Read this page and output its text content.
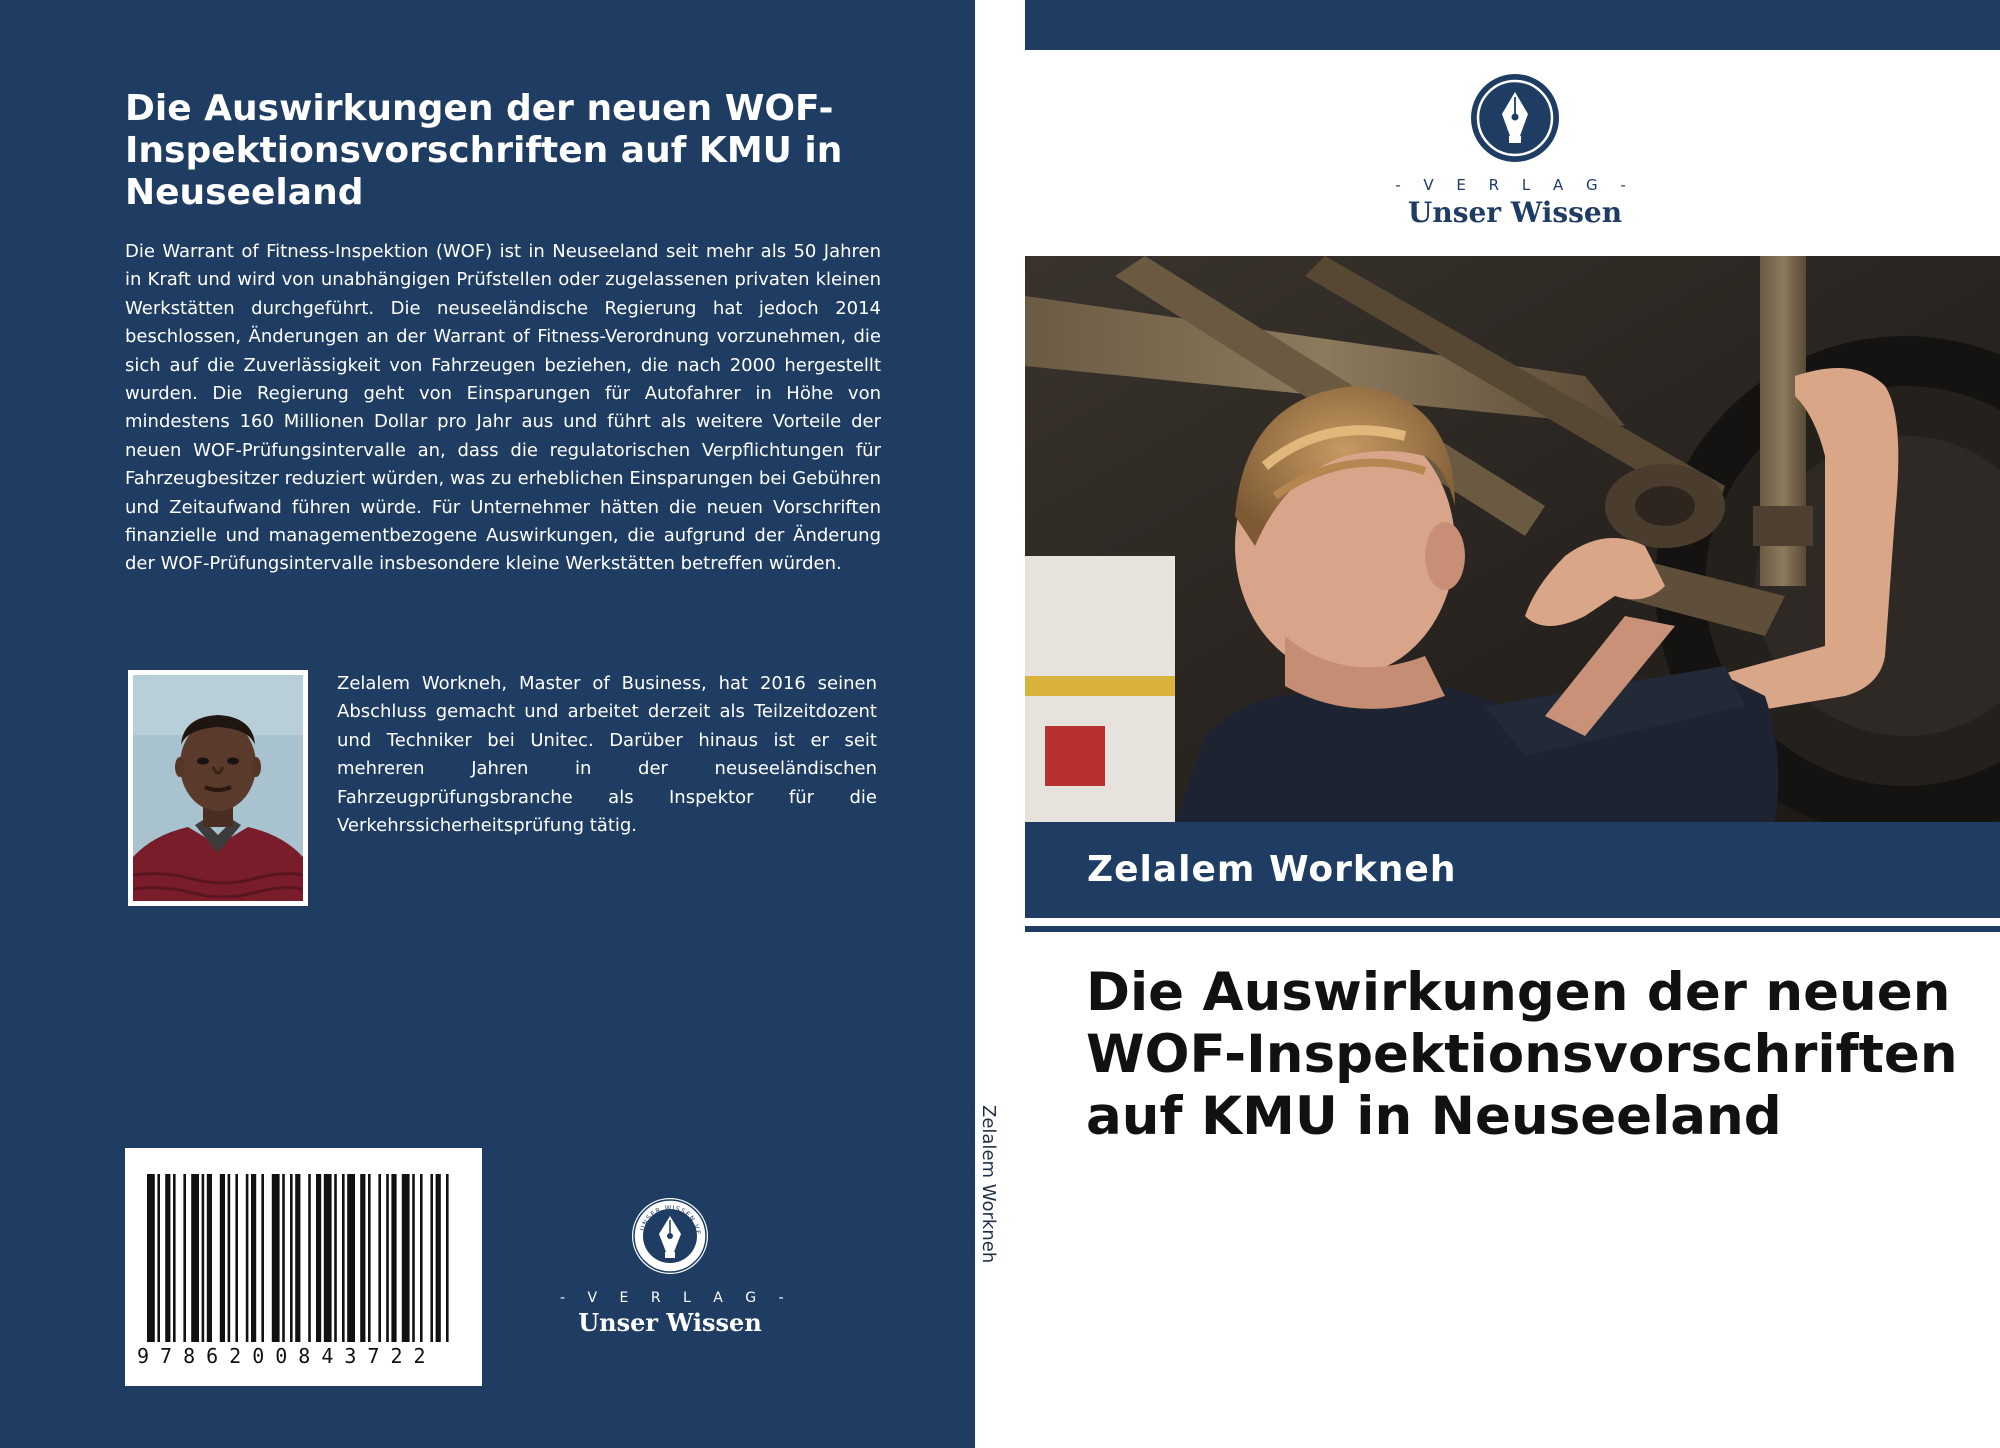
Die Auswirkungen der neuen WOF-Inspektionsvorschriften auf KMU in Neuseeland

Die Warrant of Fitness-Inspektion (WOF) ist in Neuseeland seit mehr als 50 Jahren in Kraft und wird von unabhängigen Prüfstellen oder zugelassenen privaten kleinen Werkstätten durchgeführt. Die neuseeländische Regierung hat jedoch 2014 beschlossen, Änderungen an der Warrant of Fitness-Verordnung vorzunehmen, die sich auf die Zuverlässigkeit von Fahrzeugen beziehen, die nach 2000 hergestellt wurden. Die Regierung geht von Einsparungen für Autofahrer in Höhe von mindestens 160 Millionen Dollar pro Jahr aus und führt als weitere Vorteile der neuen WOF-Prüfungsintervalle an, dass die regulatorischen Verpflichtungen für Fahrzeugbesitzer reduziert würden, was zu erheblichen Einsparungen bei Gebühren und Zeitaufwand führen würde. Für Unternehmer hätten die neuen Vorschriften finanzielle und managementbezogene Auswirkungen, die aufgrund der Änderung der WOF-Prüfungsintervalle insbesondere kleine Werkstätten betreffen würden.

Zelalem Workneh, Master of Business, hat 2016 seinen Abschluss gemacht und arbeitet derzeit als Teilzeitdozent und Techniker bei Unitec. Darüber hinaus ist er seit mehreren Jahren in der neuseeländischen Fahrzeugprüfungsbranche als Inspektor für die Verkehrssicherheitsprüfung tätig.

9786200843722
UNSER WISSEN VE
- V E R L A G -
Unser Wissen
Zelalem Workneh
- V E R L A G -
Unser Wissen
Zelalem Workneh
Die Auswirkungen der neuen WOF-Inspektionsvorschriften auf KMU in Neuseeland
